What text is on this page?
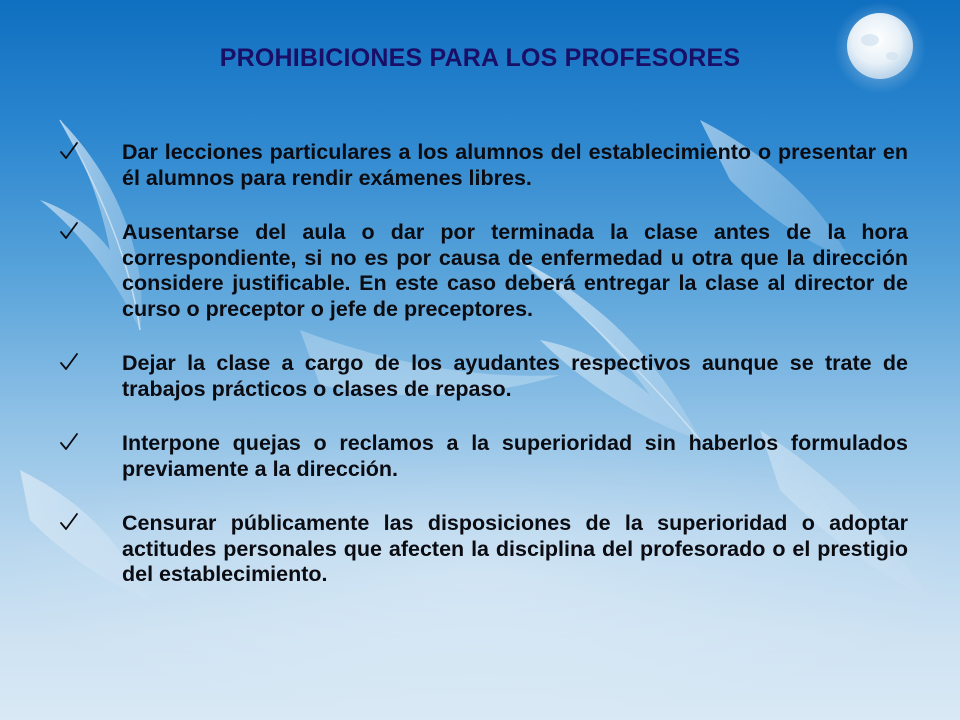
PROHIBICIONES PARA LOS PROFESORES
Dar lecciones particulares a los alumnos del establecimiento o presentar en él alumnos para rendir exámenes libres.
Ausentarse del aula o dar por terminada la clase antes de la hora correspondiente, si no es por causa de enfermedad u otra que la dirección considere justificable. En este caso deberá entregar la clase al director de curso o preceptor o jefe de preceptores.
Dejar la clase a cargo de los ayudantes respectivos aunque se trate de trabajos prácticos o clases de repaso.
Interpone quejas o reclamos a la superioridad sin haberlos formulados previamente a la dirección.
Censurar públicamente las disposiciones de la superioridad o adoptar actitudes personales que afecten la disciplina del profesorado o el prestigio del establecimiento.
